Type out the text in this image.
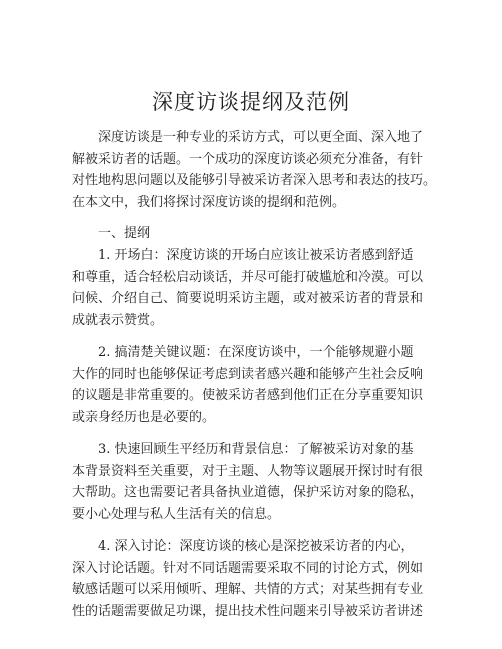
深度访谈提纲及范例

深度访谈是一种专业的采访方式，可以更全面、深入地了

解被采访者的话题。一个成功的深度访谈必须充分准备，有针

对性地构思问题以及能够引导被采访者深入思考和表达的技巧。

在本文中，我们将探讨深度访谈的提纲和范例。

一、提纲

1. 开场白：深度访谈的开场白应该让被采访者感到舒适

和尊重，适合轻松启动谈话，并尽可能打破尴尬和冷漠。可以

问候、介绍自己、简要说明采访主题，或对被采访者的背景和

成就表示赞赏。

2. 搞清楚关键议题：在深度访谈中，一个能够规避小题

大作的同时也能够保证考虑到读者感兴趣和能够产生社会反响

的议题是非常重要的。使被采访者感到他们正在分享重要知识

或亲身经历也是必要的。

3. 快速回顾生平经历和背景信息：了解被采访对象的基

本背景资料至关重要，对于主题、人物等议题展开探讨时有很

大帮助。这也需要记者具备执业道德，保护采访对象的隐私，

要小心处理与私人生活有关的信息。

4. 深入讨论：深度访谈的核心是深挖被采访者的内心，

深入讨论话题。针对不同话题需要采取不同的讨论方式，例如

敏感话题可以采用倾听、理解、共情的方式；对某些拥有专业

性的话题需要做足功课，提出技术性问题来引导被采访者讲述
